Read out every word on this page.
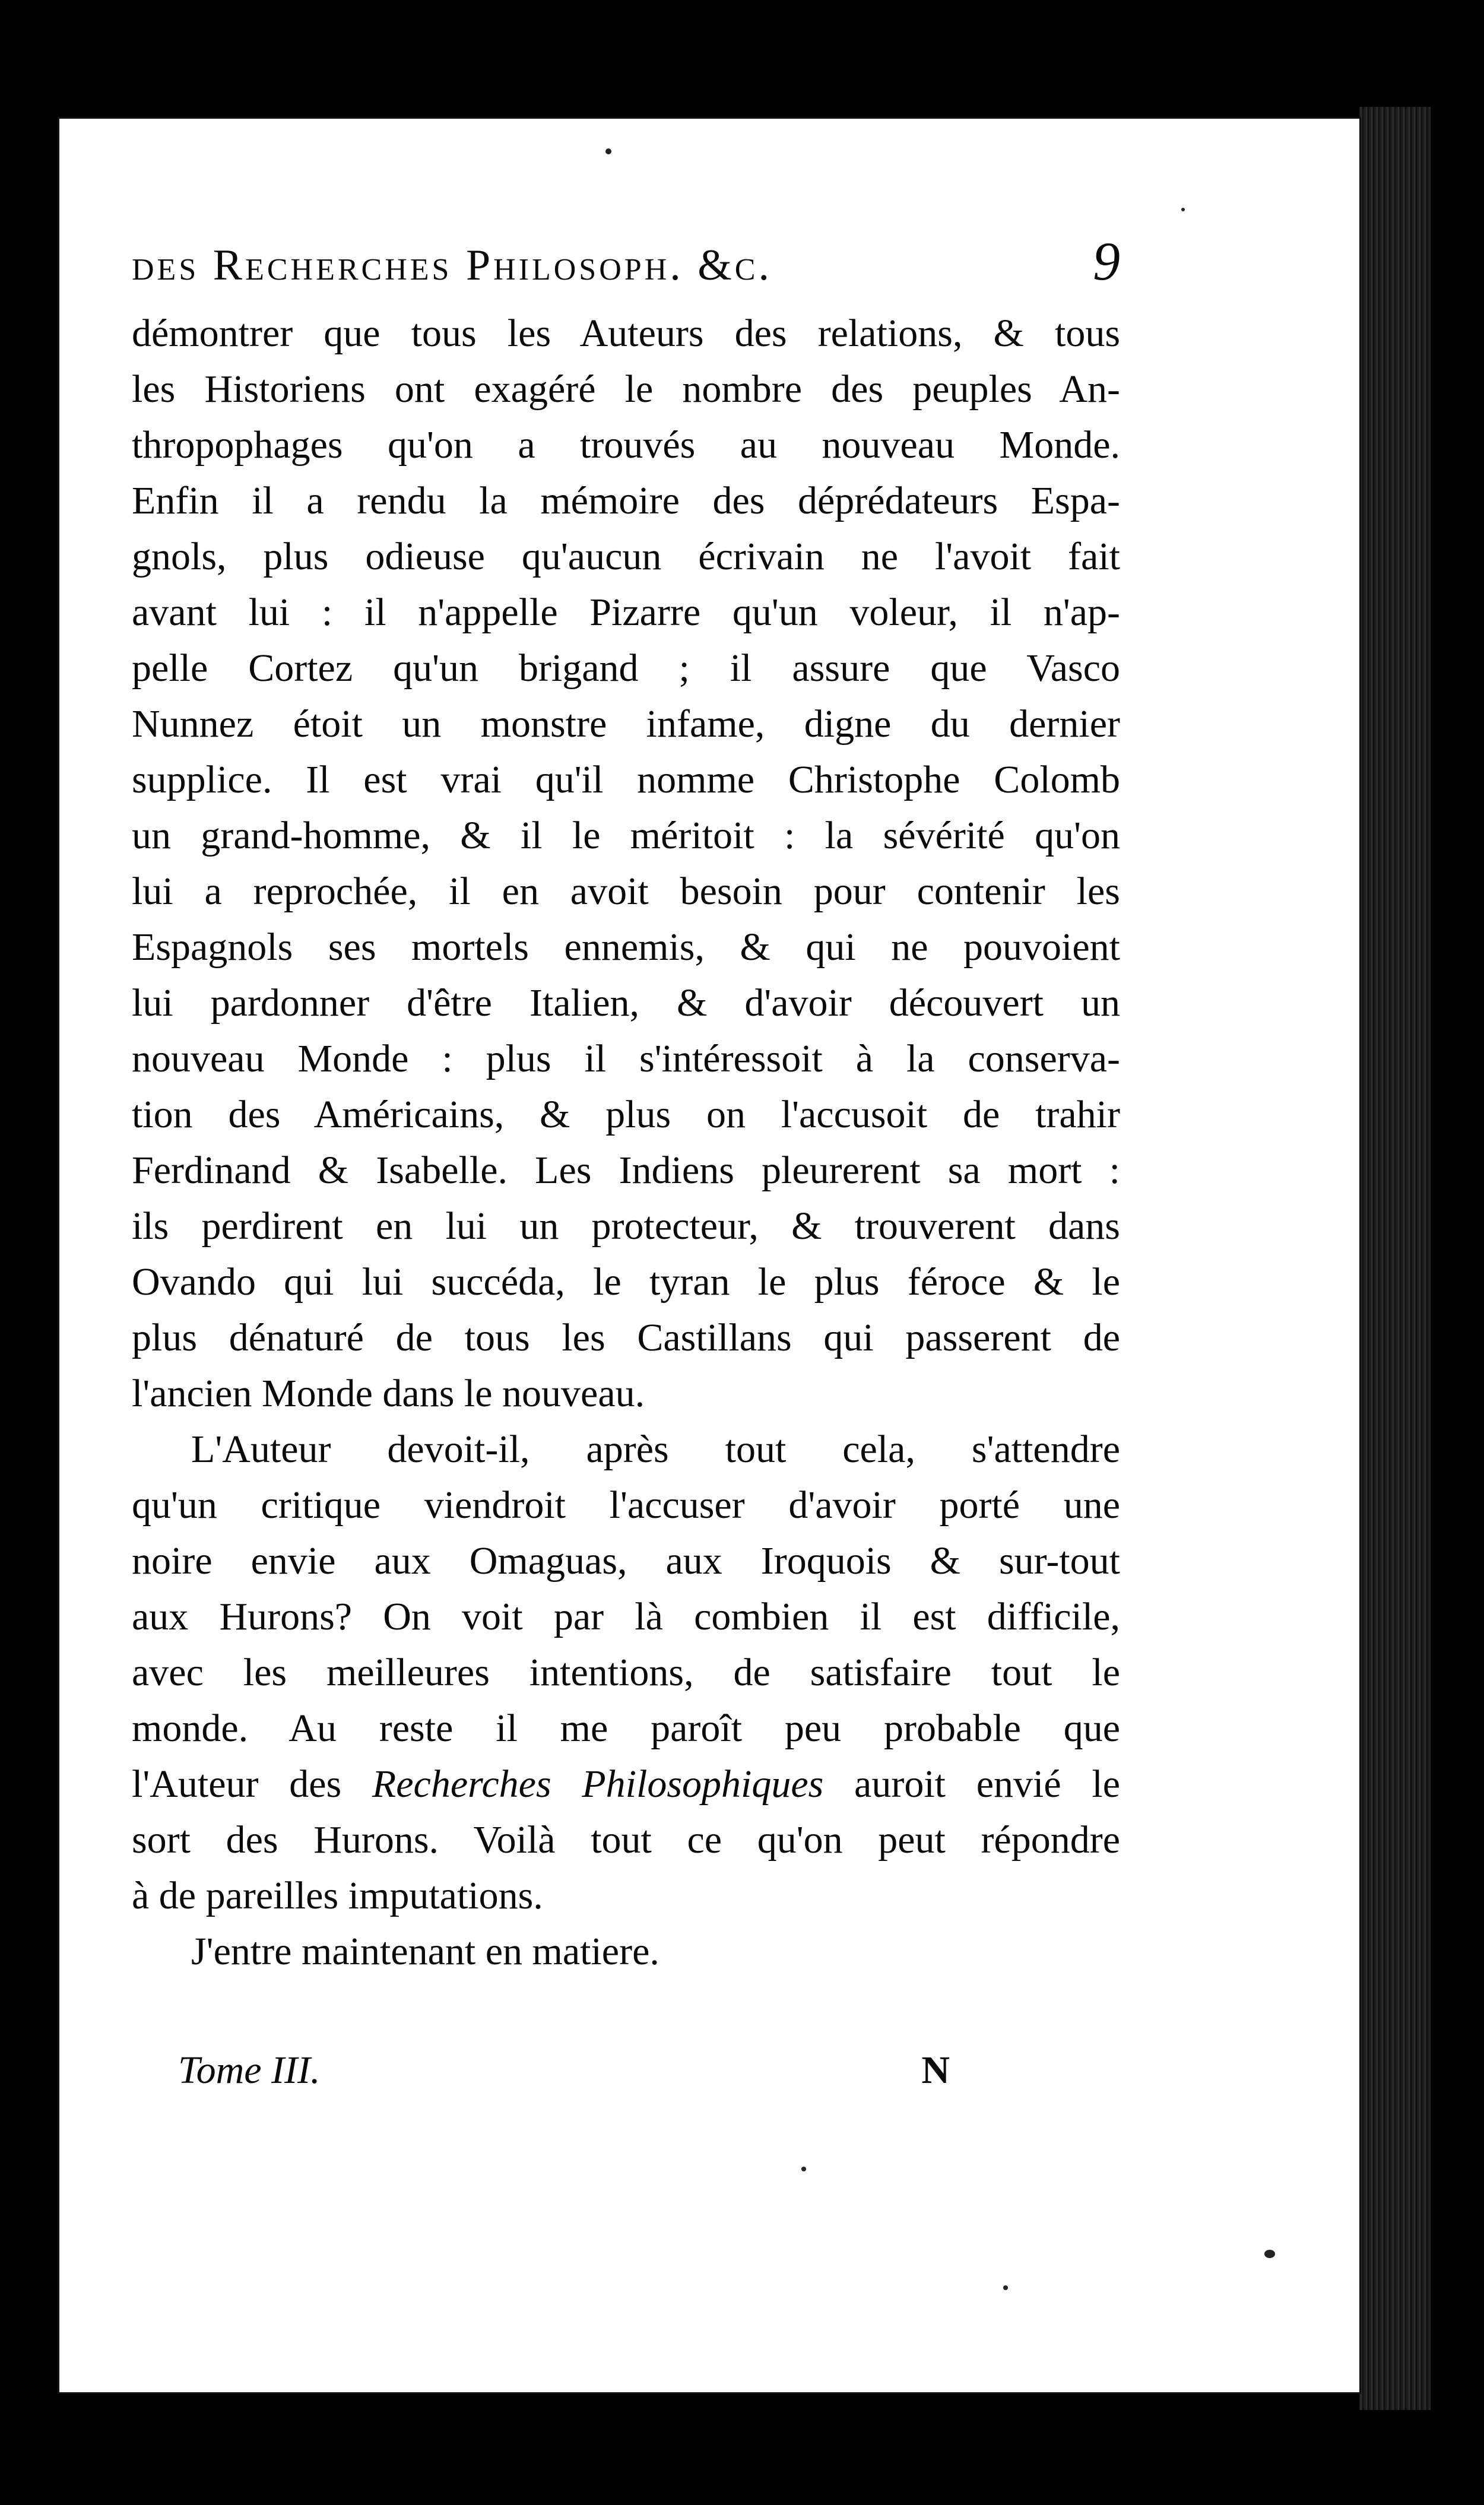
des Recherches Philosoph. &c.	9
démontrer que tous les Auteurs des relations, & tous
les Historiens ont exagéré le nombre des peuples An-
thropophages qu'on a trouvés au nouveau Monde.
Enfin il a rendu la mémoire des déprédateurs Espa-
gnols, plus odieuse qu'aucun écrivain ne l'avoit fait
avant lui : il n'appelle Pizarre qu'un voleur, il n'ap-
pelle Cortez qu'un brigand ; il assure que Vasco
Nunnez étoit un monstre infame, digne du dernier
supplice. Il est vrai qu'il nomme Christophe Colomb
un grand-homme, & il le méritoit : la sévérité qu'on
lui a reprochée, il en avoit besoin pour contenir les
Espagnols ses mortels ennemis, & qui ne pouvoient
lui pardonner d'être Italien, & d'avoir découvert un
nouveau Monde : plus il s'intéressoit à la conserva-
tion des Américains, & plus on l'accusoit de trahir
Ferdinand & Isabelle. Les Indiens pleurerent sa mort :
ils perdirent en lui un protecteur, & trouverent dans
Ovando qui lui succéda, le tyran le plus féroce & le
plus dénaturé de tous les Castillans qui passerent de
l'ancien Monde dans le nouveau.
L'Auteur devoit-il, après tout cela, s'attendre
qu'un critique viendroit l'accuser d'avoir porté une
noire envie aux Omaguas, aux Iroquois & sur-tout
aux Hurons? On voit par là combien il est difficile,
avec les meilleures intentions, de satisfaire tout le
monde. Au reste il me paroît peu probable que
l'Auteur des Recherches Philosophiques auroit envié le
sort des Hurons. Voilà tout ce qu'on peut répondre
à de pareilles imputations.
J'entre maintenant en matiere.
Tome III.	N
